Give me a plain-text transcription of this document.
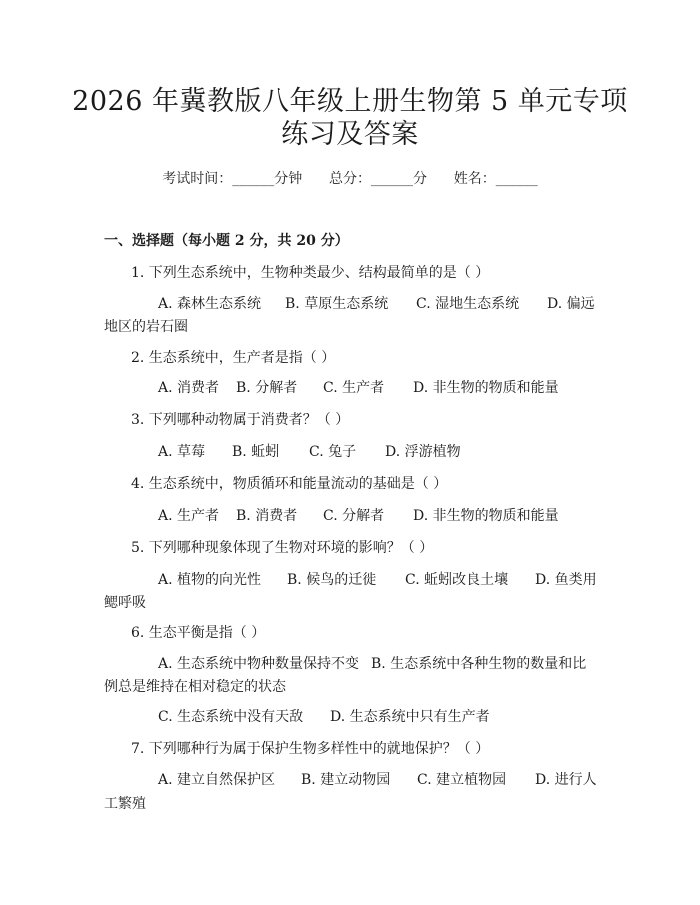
2026 年冀教版八年级上册生物第 5 单元专项
练习及答案
考试时间：______分钟 总分：______分 姓名：______
一、选择题（每小题 2 分，共 20 分）
1. 下列生态系统中，生物种类最少、结构最简单的是（ ）
A. 森林生态系统 B. 草原生态系统 C. 湿地生态系统 D. 偏远
地区的岩石圈
2. 生态系统中，生产者是指（ ）
A. 消费者 B. 分解者 C. 生产者 D. 非生物的物质和能量
3. 下列哪种动物属于消费者？（ ）
A. 草莓 B. 蚯蚓 C. 兔子 D. 浮游植物
4. 生态系统中，物质循环和能量流动的基础是（ ）
A. 生产者 B. 消费者 C. 分解者 D. 非生物的物质和能量
5. 下列哪种现象体现了生物对环境的影响？（ ）
A. 植物的向光性 B. 候鸟的迁徙 C. 蚯蚓改良土壤 D. 鱼类用
鳃呼吸
6. 生态平衡是指（ ）
A. 生态系统中物种数量保持不变 B. 生态系统中各种生物的数量和比
例总是维持在相对稳定的状态
C. 生态系统中没有天敌 D. 生态系统中只有生产者
7. 下列哪种行为属于保护生物多样性中的就地保护？（ ）
A. 建立自然保护区 B. 建立动物园 C. 建立植物园 D. 进行人
工繁殖
